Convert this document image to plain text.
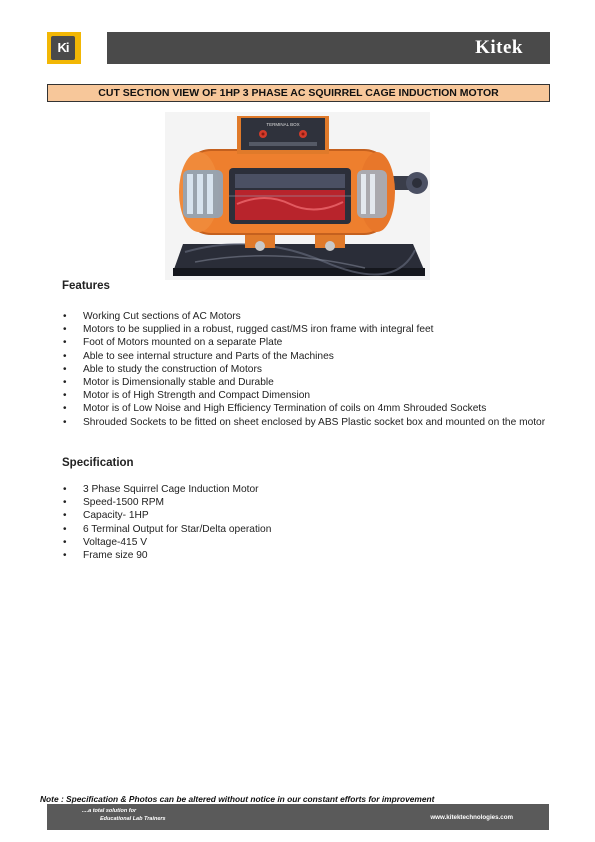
Ki	Kitek
CUT SECTION VIEW OF 1HP 3 PHASE AC SQUIRREL CAGE INDUCTION MOTOR
TERMINAL BOX
Features
• Working Cut sections of AC Motors
• Motors to be supplied in a robust, rugged cast/MS iron frame with integral feet
• Foot of Motors mounted on a separate Plate
• Able to see internal structure and Parts of the Machines
• Able to study the construction of Motors
• Motor is Dimensionally stable and Durable
• Motor is of High Strength and Compact Dimension
• Motor is of Low Noise and High Efficiency Termination of coils on 4mm Shrouded Sockets
• Shrouded Sockets to be fitted on sheet enclosed by ABS Plastic socket box and mounted on the motor
Specification
• 3 Phase Squirrel Cage Induction Motor
• Speed-1500 RPM
• Capacity- 1HP
• 6 Terminal Output for Star/Delta operation
• Voltage-415 V
• Frame size 90
Note : Specification & Photos can be altered without notice in our constant efforts for improvement
....a total solution for
Educational Lab Trainers	www.kitektechnologies.com
